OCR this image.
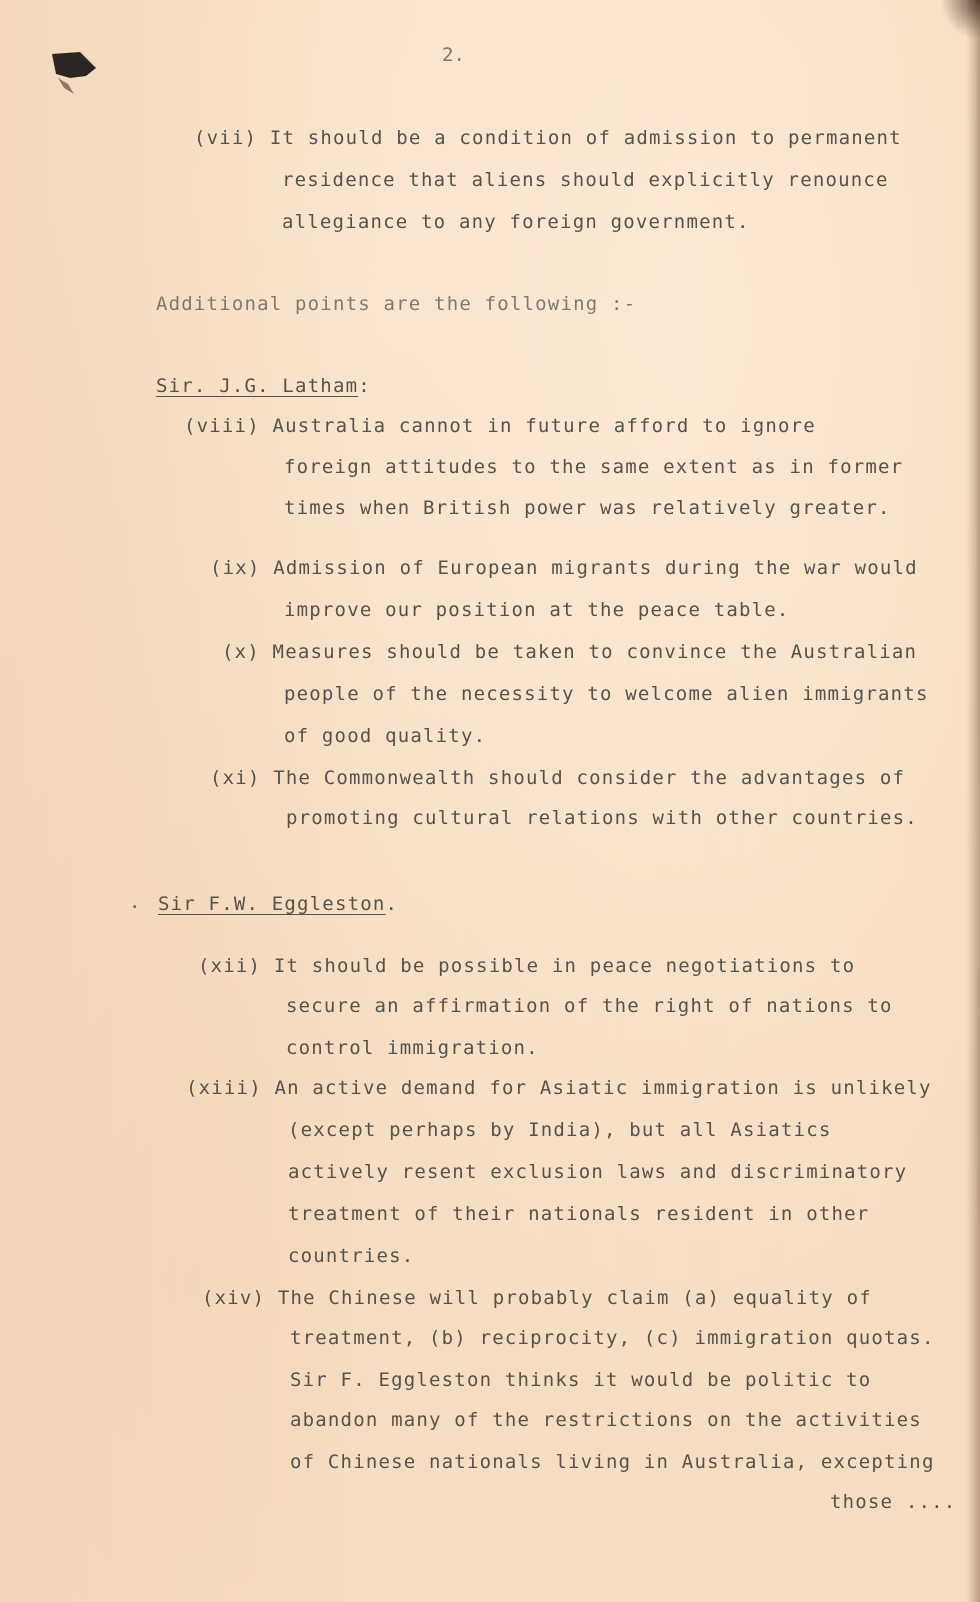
2.
(vii) It should be a condition of admission to permanent
residence that aliens should explicitly renounce
allegiance to any foreign government.
Additional points are the following :-
Sir. J.G. Latham:
(viii) Australia cannot in future afford to ignore
foreign attitudes to the same extent as in former
times when British power was relatively greater.
(ix) Admission of European migrants during the war would
improve our position at the peace table.
(x) Measures should be taken to convince the Australian
people of the necessity to welcome alien immigrants
of good quality.
(xi) The Commonwealth should consider the advantages of
promoting cultural relations with other countries.
· Sir F.W. Eggleston.
(xii) It should be possible in peace negotiations to
secure an affirmation of the right of nations to
control immigration.
(xiii) An active demand for Asiatic immigration is unlikely
(except perhaps by India), but all Asiatics
actively resent exclusion laws and discriminatory
treatment of their nationals resident in other
countries.
(xiv) The Chinese will probably claim (a) equality of
treatment, (b) reciprocity, (c) immigration quotas.
Sir F. Eggleston thinks it would be politic to
abandon many of the restrictions on the activities
of Chinese nationals living in Australia, excepting
those ....
